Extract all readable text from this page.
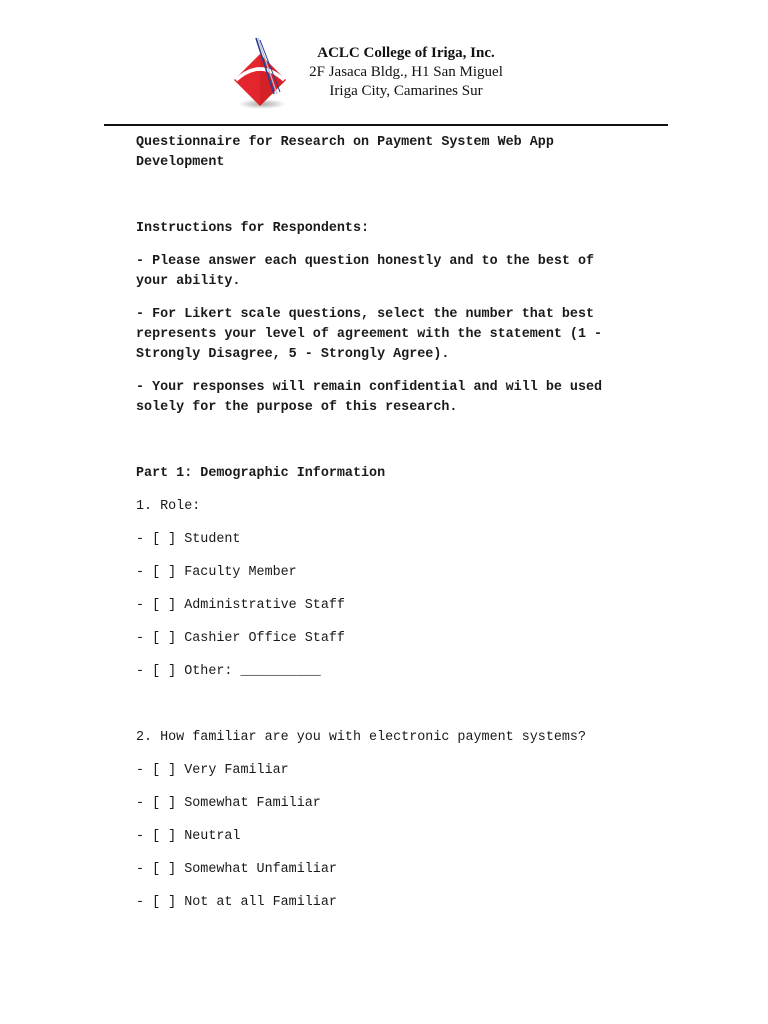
ACLC College of Iriga, Inc.
2F Jasaca Bldg., H1 San Miguel
Iriga City, Camarines Sur

Questionnaire for Research on Payment System Web App

Development

Instructions for Respondents:

- Please answer each question honestly and to the best of

your ability.

- For Likert scale questions, select the number that best

represents your level of agreement with the statement (1 -

Strongly Disagree, 5 - Strongly Agree).

- Your responses will remain confidential and will be used

solely for the purpose of this research.

Part 1: Demographic Information

1. Role:

- [ ] Student

- [ ] Faculty Member

- [ ] Administrative Staff

- [ ] Cashier Office Staff

- [ ] Other: __________

2. How familiar are you with electronic payment systems?

- [ ] Very Familiar

- [ ] Somewhat Familiar

- [ ] Neutral

- [ ] Somewhat Unfamiliar

- [ ] Not at all Familiar
